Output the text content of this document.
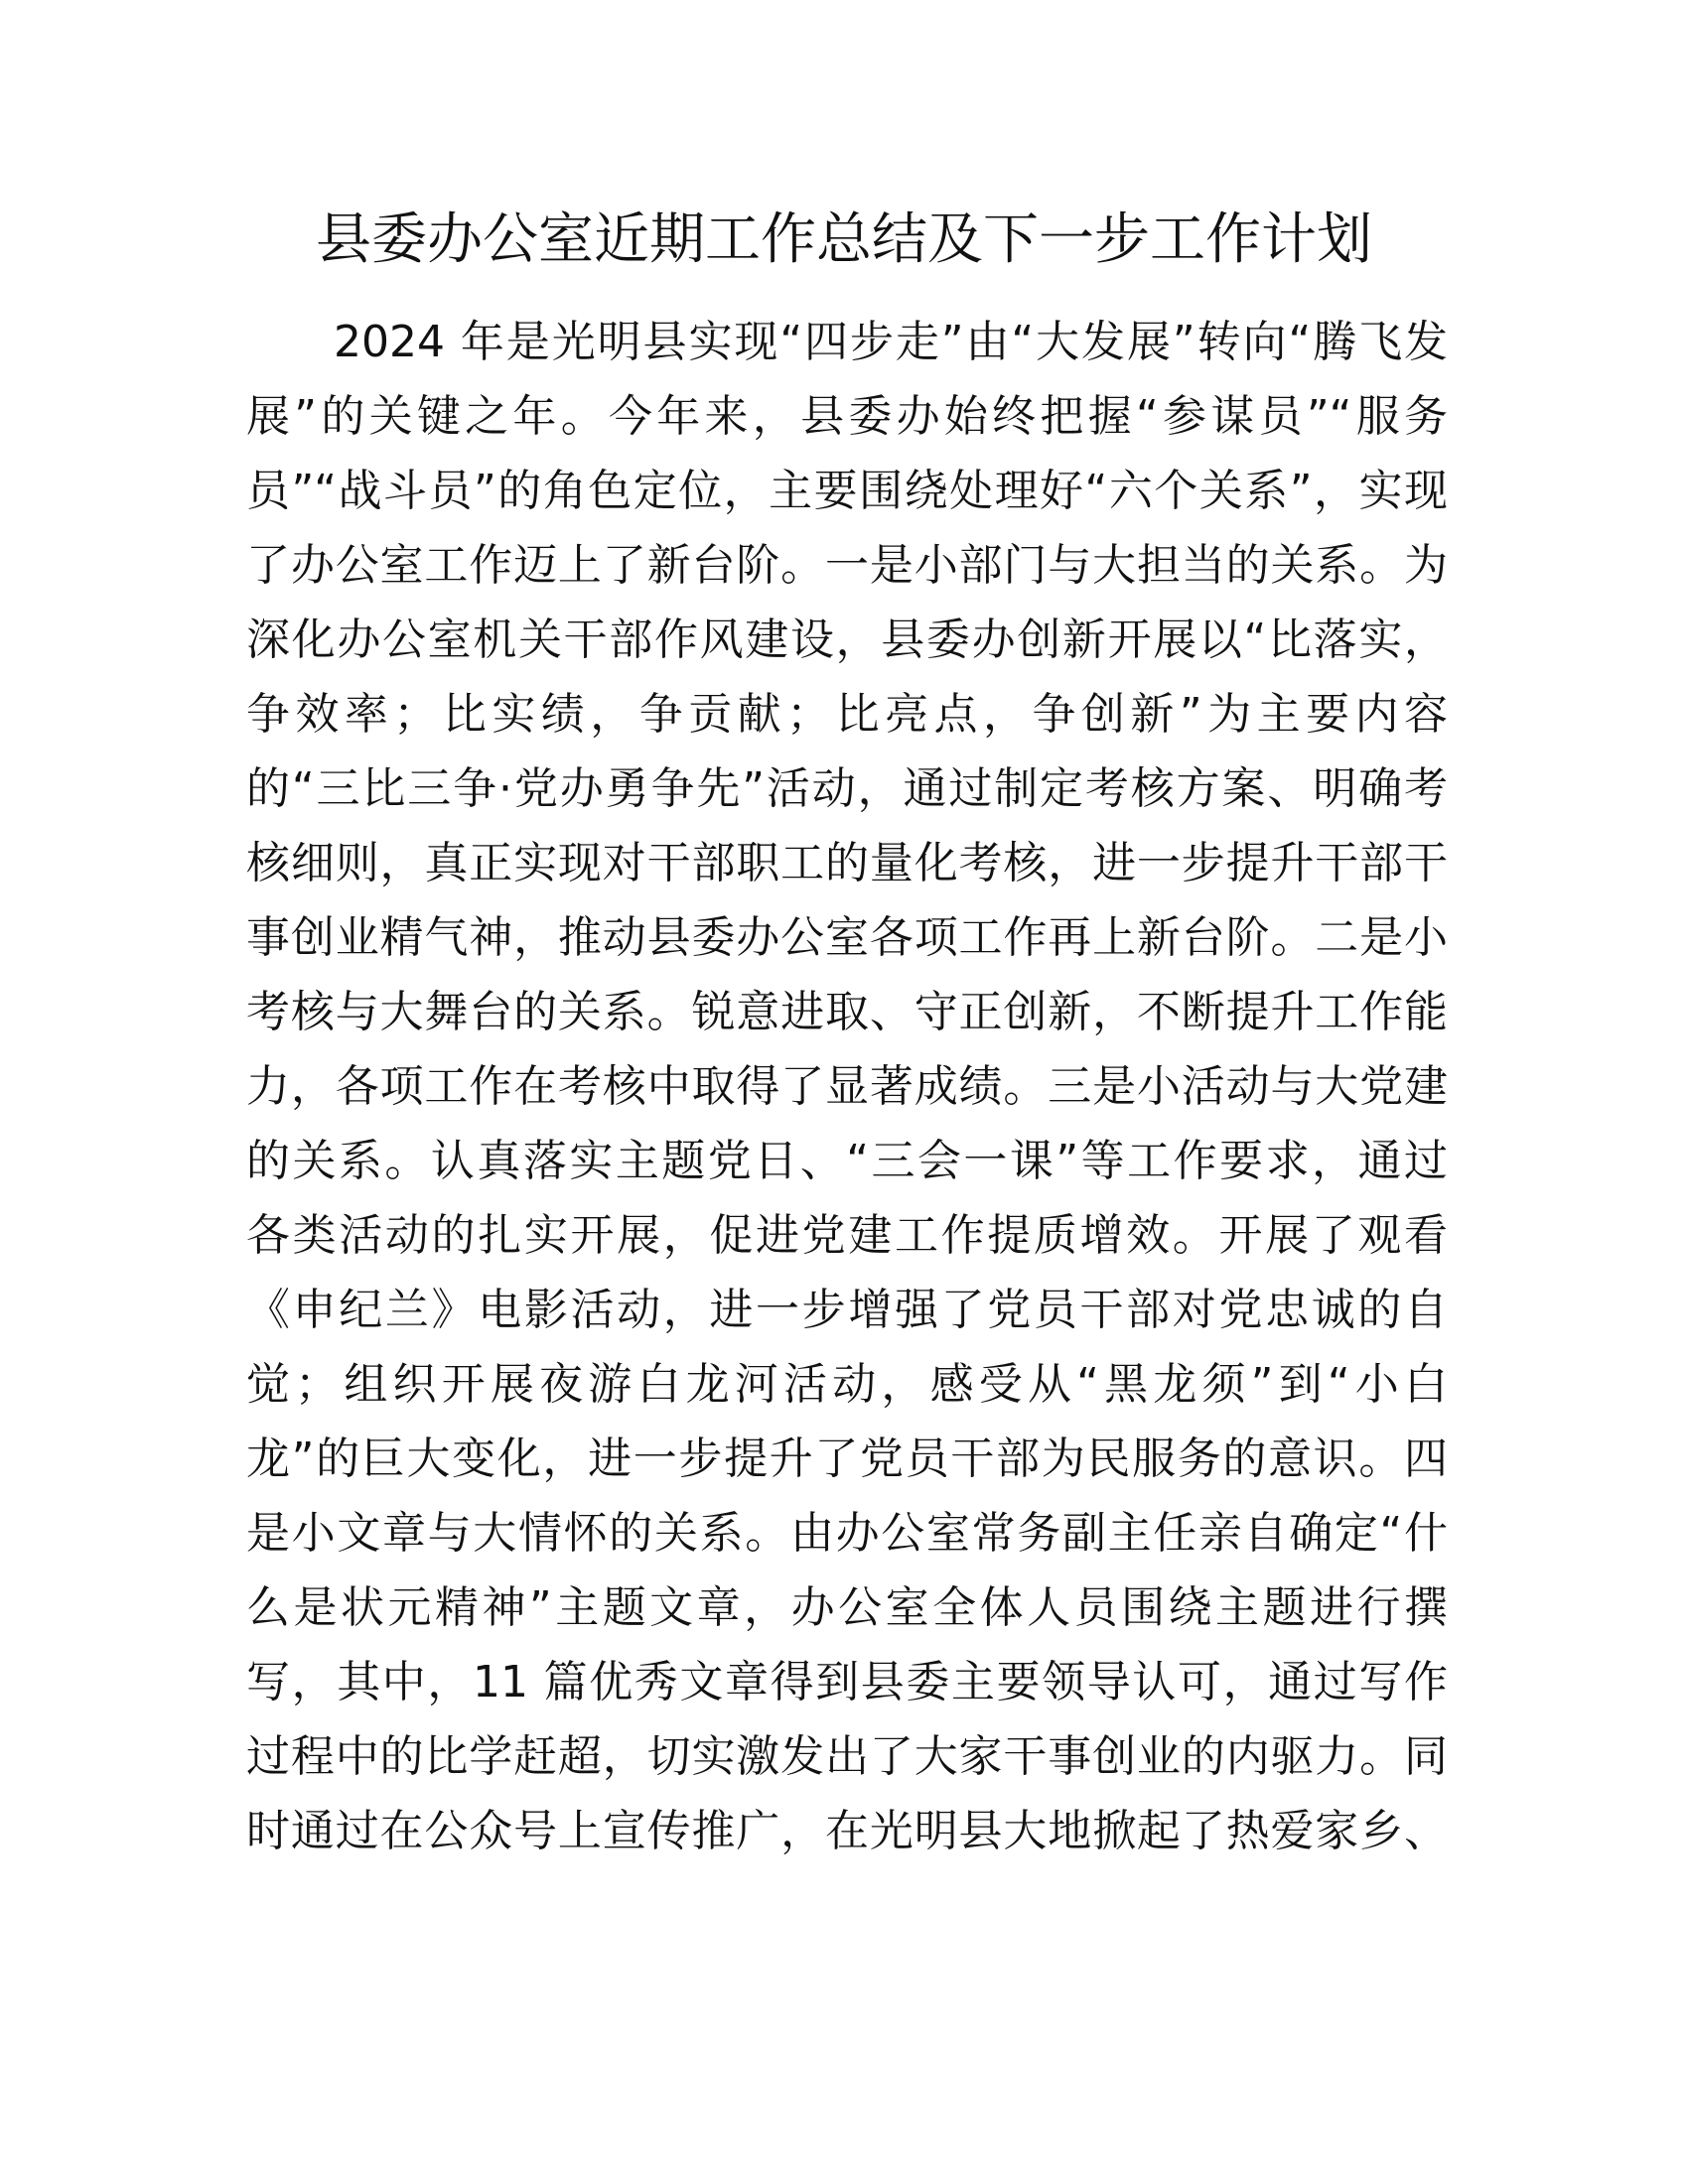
县委办公室近期工作总结及下一步工作计划
2024 年是光明县实现“四步走”由“大发展”转向“腾飞发
展”的关键之年。今年来，县委办始终把握“参谋员”“服务
员”“战斗员”的角色定位，主要围绕处理好“六个关系”，实现
了办公室工作迈上了新台阶。一是小部门与大担当的关系。为
深化办公室机关干部作风建设，县委办创新开展以“比落实，
争效率；比实绩，争贡献；比亮点，争创新”为主要内容
的“三比三争·党办勇争先”活动，通过制定考核方案、明确考
核细则，真正实现对干部职工的量化考核，进一步提升干部干
事创业精气神，推动县委办公室各项工作再上新台阶。二是小
考核与大舞台的关系。锐意进取、守正创新，不断提升工作能
力，各项工作在考核中取得了显著成绩。三是小活动与大党建
的关系。认真落实主题党日、“三会一课”等工作要求，通过
各类活动的扎实开展，促进党建工作提质增效。开展了观看
《申纪兰》电影活动，进一步增强了党员干部对党忠诚的自
觉；组织开展夜游白龙河活动，感受从“黑龙须”到“小白
龙”的巨大变化，进一步提升了党员干部为民服务的意识。四
是小文章与大情怀的关系。由办公室常务副主任亲自确定“什
么是状元精神”主题文章，办公室全体人员围绕主题进行撰
写，其中，11 篇优秀文章得到县委主要领导认可，通过写作
过程中的比学赶超，切实激发出了大家干事创业的内驱力。同
时通过在公众号上宣传推广，在光明县大地掀起了热爱家乡、
